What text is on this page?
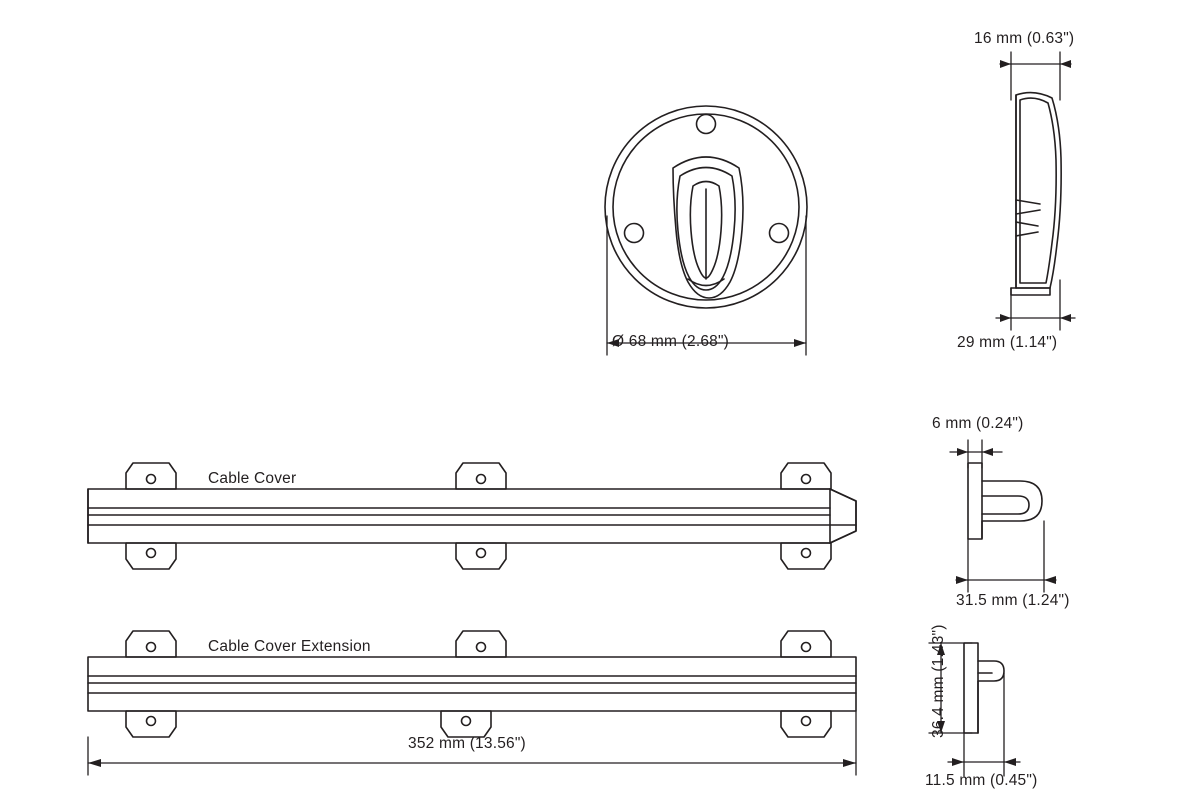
Ø 68 mm (2.68")
16 mm (0.63")
29 mm (1.14")
Cable Cover
Cable Cover Extension
352 mm (13.56")
6 mm (0.24")
31.5 mm (1.24")
36.4 mm (1.43")
11.5 mm (0.45")
